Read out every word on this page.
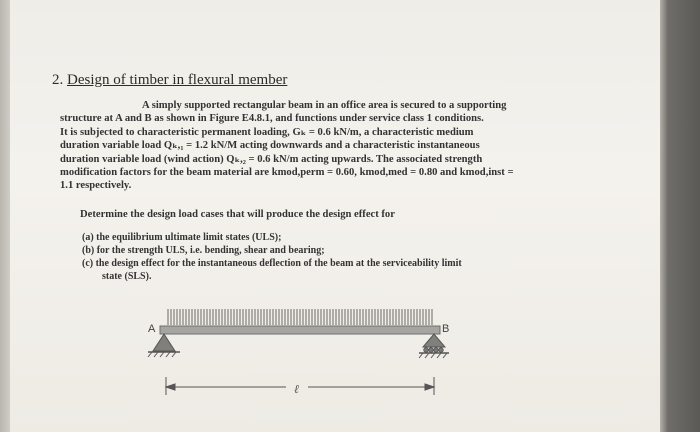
2. Design of timber in flexural member
A simply supported rectangular beam in an office area is secured to a supporting
structure at A and B as shown in Figure E4.8.1, and functions under service class 1 conditions.
It is subjected to characteristic permanent loading, Gₖ = 0.6 kN/m, a characteristic medium
duration variable load Qₖ,₁ = 1.2 kN/M acting downwards and a characteristic instantaneous
duration variable load (wind action) Qₖ,₂ = 0.6 kN/m acting upwards. The associated strength
modification factors for the beam material are kmod,perm = 0.60, kmod,med = 0.80 and kmod,inst =
1.1 respectively.
Determine the design load cases that will produce the design effect for
(a) the equilibrium ultimate limit states (ULS);
(b) for the strength ULS, i.e. bending, shear and bearing;
(c) the design effect for the instantaneous deflection of the beam at the serviceability limit
state (SLS).
ℓ
A	B
